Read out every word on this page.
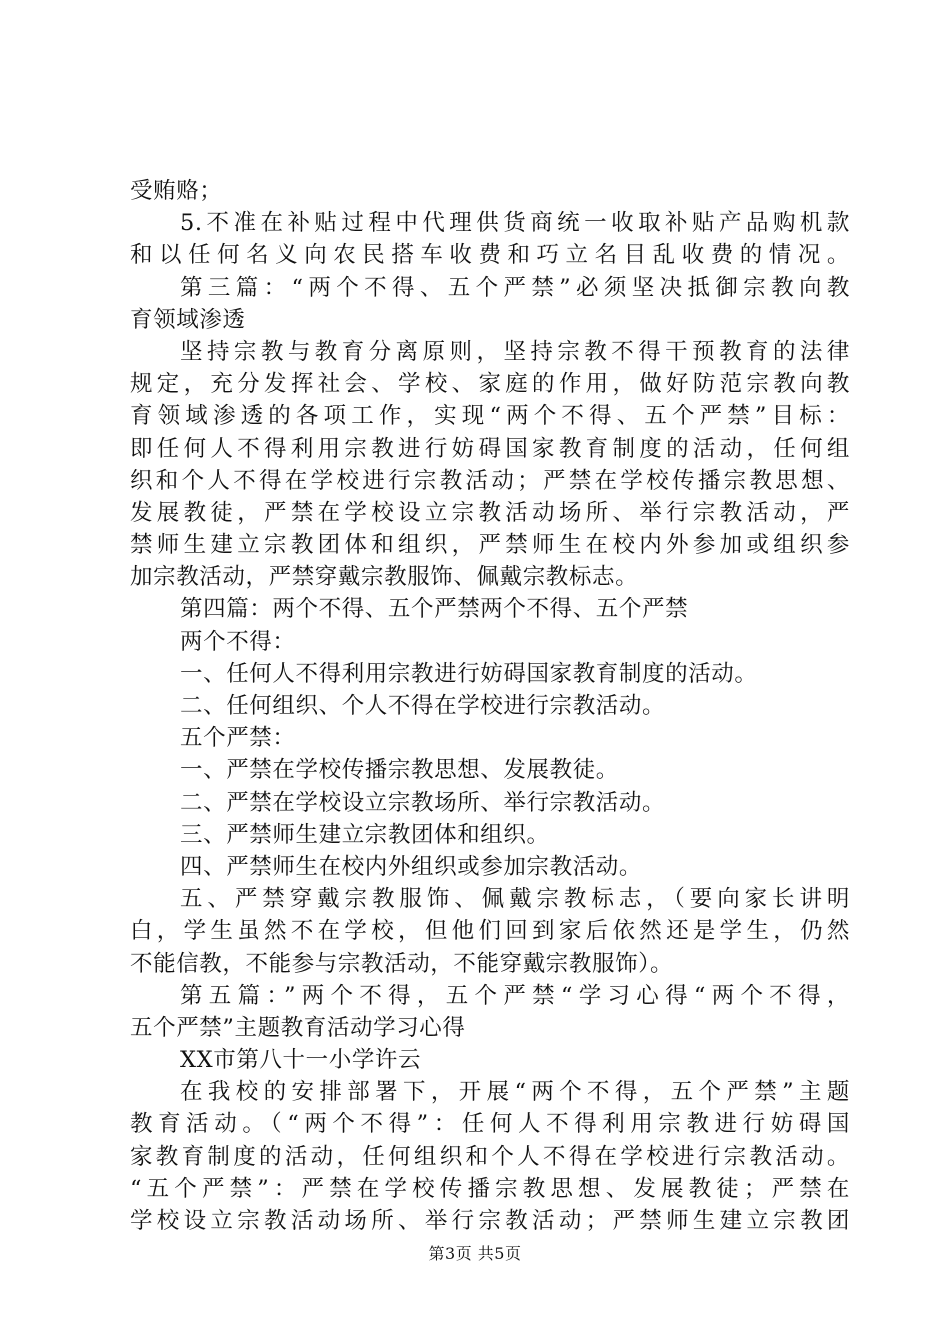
受贿赂；
5.不准在补贴过程中代理供货商统一收取补贴产品购机款
和以任何名义向农民搭车收费和巧立名目乱收费的情况。
第三篇：“两个不得、五个严禁”必须坚决抵御宗教向教
育领域渗透
坚持宗教与教育分离原则，坚持宗教不得干预教育的法律
规定，充分发挥社会、学校、家庭的作用，做好防范宗教向教
育领域渗透的各项工作，实现“两个不得、五个严禁”目标：
即任何人不得利用宗教进行妨碍国家教育制度的活动，任何组
织和个人不得在学校进行宗教活动；严禁在学校传播宗教思想、
发展教徒，严禁在学校设立宗教活动场所、举行宗教活动，严
禁师生建立宗教团体和组织，严禁师生在校内外参加或组织参
加宗教活动，严禁穿戴宗教服饰、佩戴宗教标志。
第四篇：两个不得、五个严禁两个不得、五个严禁
两个不得：
一、任何人不得利用宗教进行妨碍国家教育制度的活动。
二、任何组织、个人不得在学校进行宗教活动。
五个严禁：
一、严禁在学校传播宗教思想、发展教徒。
二、严禁在学校设立宗教场所、举行宗教活动。
三、严禁师生建立宗教团体和组织。
四、严禁师生在校内外组织或参加宗教活动。
五、严禁穿戴宗教服饰、佩戴宗教标志，（要向家长讲明
白，学生虽然不在学校，但他们回到家后依然还是学生，仍然
不能信教，不能参与宗教活动，不能穿戴宗教服饰）。
第五篇：”两个不得，五个严禁“学习心得“两个不得，
五个严禁”主题教育活动学习心得
XX市第八十一小学许云
在我校的安排部署下，开展“两个不得，五个严禁”主题
教育活动。（“两个不得”：任何人不得利用宗教进行妨碍国
家教育制度的活动，任何组织和个人不得在学校进行宗教活动。
“五个严禁”：严禁在学校传播宗教思想、发展教徒；严禁在
学校设立宗教活动场所、举行宗教活动；严禁师生建立宗教团
第3页 共5页
